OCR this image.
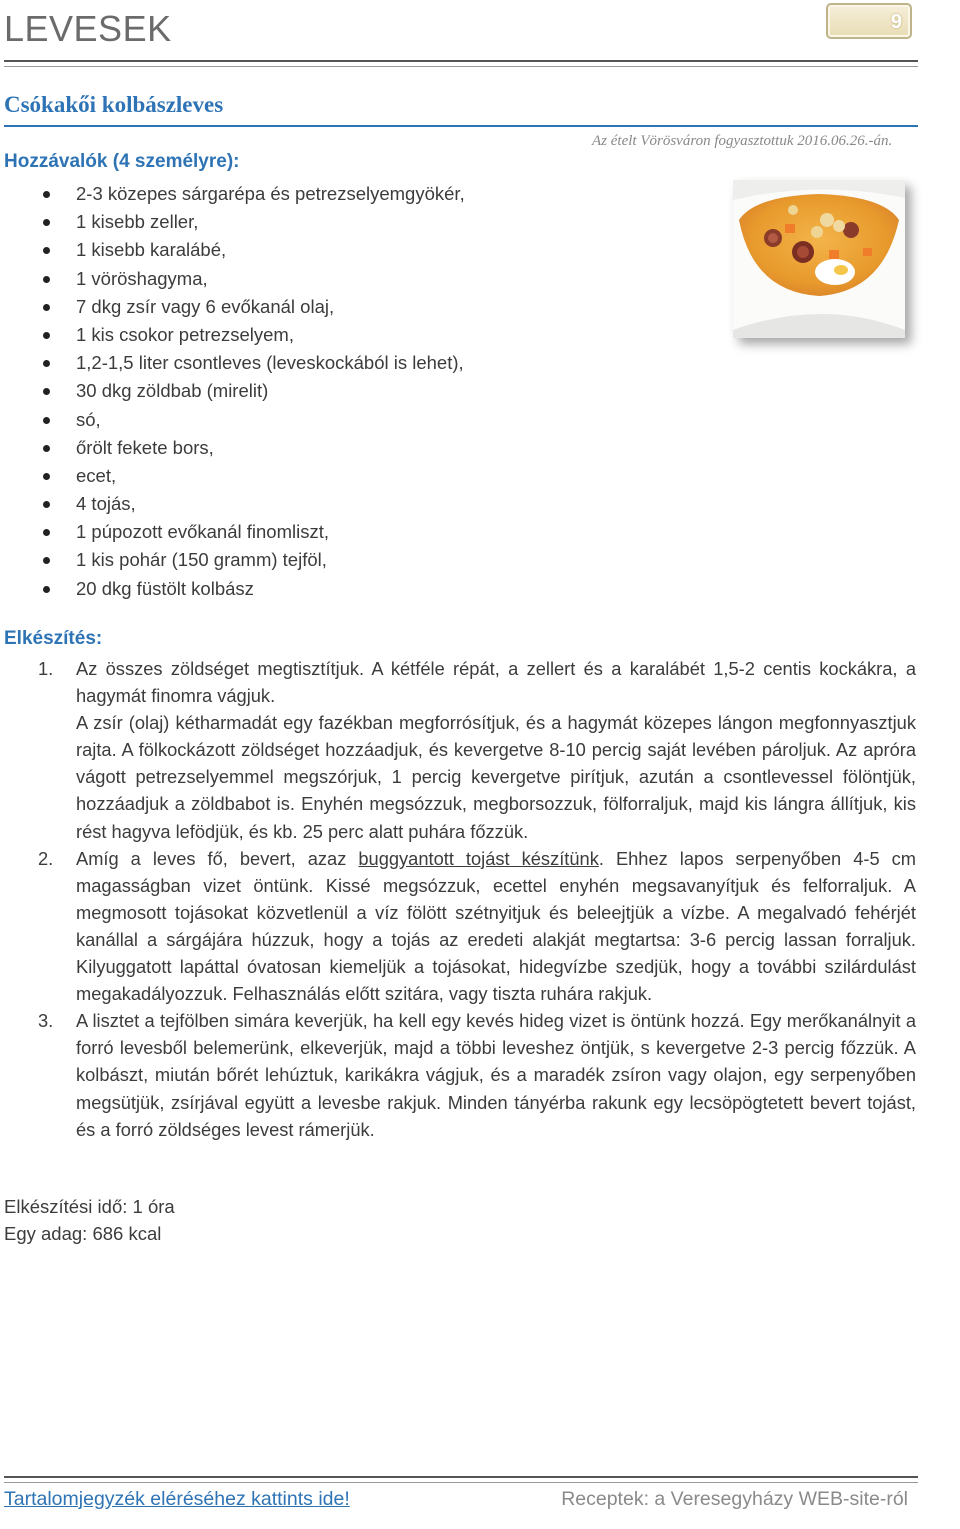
LEVESEK	9
Csókakői kolbászleves
Az ételt Vörösváron fogyasztottuk 2016.06.26.-án.
Hozzávalók (4 személyre):
2-3 közepes sárgarépa és petrezselyemgyökér,
1 kisebb zeller,
1 kisebb karalábé,
1 vöröshagyma,
7 dkg zsír vagy 6 evőkanál olaj,
1 kis csokor petrezselyem,
1,2-1,5 liter csontleves (leveskockából is lehet),
30 dkg zöldbab (mirelit)
só,
őrölt fekete bors,
ecet,
4 tojás,
1 púpozott evőkanál finomliszt,
1 kis pohár (150 gramm) tejföl,
20 dkg füstölt kolbász
Elkészítés:
1. Az összes zöldséget megtisztítjuk. A kétféle répát, a zellert és a karalábét 1,5-2 centis kockákra, a hagymát finomra vágjuk.

A zsír (olaj) kétharmadát egy fazékban megforrósítjuk, és a hagymát közepes lángon megfonnyasztjuk rajta. A fölkockázott zöldséget hozzáadjuk, és kevergetve 8-10 percig saját levében pároljuk. Az apróra vágott petrezselyemmel megszórjuk, 1 percig kevergetve pirítjuk, azután a csontlevessel fölöntjük, hozzáadjuk a zöldbabot is. Enyhén megsózzuk, megborsozzuk, fölforraljuk, majd kis lángra állítjuk, kis rést hagyva lefödjük, és kb. 25 perc alatt puhára főzzük.

2. Amíg a leves fő, bevert, azaz buggyantott tojást készítünk. Ehhez lapos serpenyőben 4-5 cm magasságban vizet öntünk. Kissé megsózzuk, ecettel enyhén megsavanyítjuk és felforraljuk. A megmosott tojásokat közvetlenül a víz fölött szétnyitjuk és beleejtjük a vízbe. A megalvadó fehérjét kanállal a sárgájára húzzuk, hogy a tojás az eredeti alakját megtartsa: 3-6 percig lassan forraljuk. Kilyuggatott lapáttal óvatosan kiemeljük a tojásokat, hidegvízbe szedjük, hogy a további szilárdulást megakadályozzuk. Felhasználás előtt szitára, vagy tiszta ruhára rakjuk.

3. A lisztet a tejfölben simára keverjük, ha kell egy kevés hideg vizet is öntünk hozzá. Egy merőkanálnyit a forró levesből belemerünk, elkeverjük, majd a többi leveshez öntjük, s kevergetve 2-3 percig főzzük. A kolbászt, miután bőrét lehúztuk, karikákra vágjuk, és a maradék zsíron vagy olajon, egy serpenyőben megsütjük, zsírjával együtt a levesbe rakjuk. Minden tányérba rakunk egy lecsöpögtetett bevert tojást, és a forró zöldséges levest rámerjük.

Elkészítési idő: 1 óra
Egy adag: 686 kcal
Tartalomjegyzék eléréséhez kattints ide!	Receptek: a Veresegyházy WEB-site-ról
